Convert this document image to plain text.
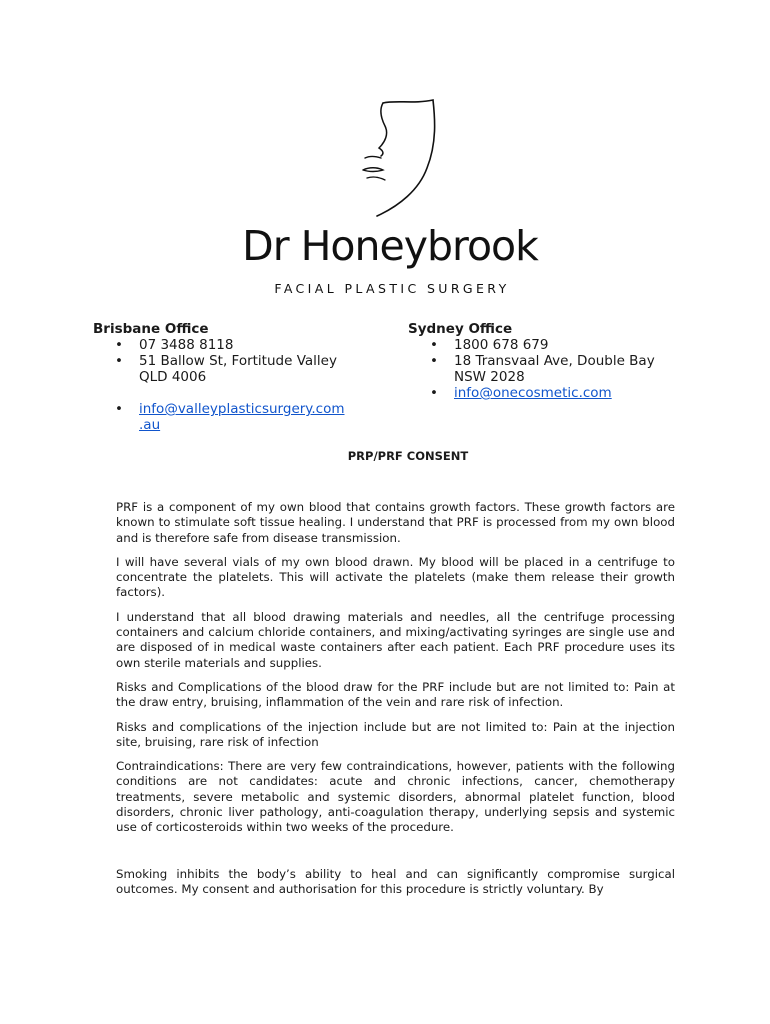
Dr Honeybrook
FACIAL PLASTIC SURGERY
Brisbane Office
• 07 3488 8118
• 51 Ballow St, Fortitude Valley
QLD 4006
• info@valleyplasticsurgery.com
.au
Sydney Office
• 1800 678 679
• 18 Transvaal Ave, Double Bay
NSW 2028
• info@onecosmetic.com
PRP/PRF CONSENT

PRF is a component of my own blood that contains growth factors. These growth factors are known to stimulate soft tissue healing. I understand that PRF is processed from my own blood and is therefore safe from disease transmission.

I will have several vials of my own blood drawn. My blood will be placed in a centrifuge to concentrate the platelets. This will activate the platelets (make them release their growth factors).

I understand that all blood drawing materials and needles, all the centrifuge processing containers and calcium chloride containers, and mixing/activating syringes are single use and are disposed of in medical waste containers after each patient. Each PRF procedure uses its own sterile materials and supplies.

Risks and Complications of the blood draw for the PRF include but are not limited to: Pain at the draw entry, bruising, inflammation of the vein and rare risk of infection.

Risks and complications of the injection include but are not limited to: Pain at the injection site, bruising, rare risk of infection

Contraindications: There are very few contraindications, however, patients with the following conditions are not candidates: acute and chronic infections, cancer, chemotherapy treatments, severe metabolic and systemic disorders, abnormal platelet function, blood disorders, chronic liver pathology, anti-coagulation therapy, underlying sepsis and systemic use of corticosteroids within two weeks of the procedure.

Smoking inhibits the body’s ability to heal and can significantly compromise surgical outcomes. My consent and authorisation for this procedure is strictly voluntary. By
